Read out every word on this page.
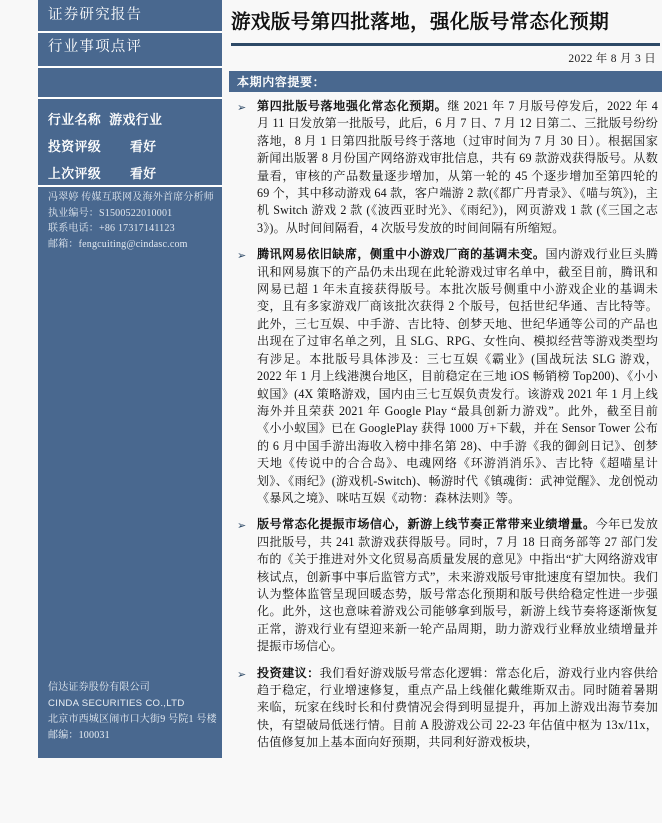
证券研究报告
行业事项点评
行业名称 游戏行业
投资评级	看好
上次评级	看好
冯翠婷 传媒互联网及海外首席分析师
执业编号：S1500522010001
联系电话：+86 17317141123
邮箱：fengcuiting@cindasc.com
信达证券股份有限公司
CINDA SECURITIES CO.,LTD
北京市西城区闹市口大街9 号院1 号楼
邮编：100031
游戏版号第四批落地，强化版号常态化预期
2022 年 8 月 3 日
本期内容提要：
➢ 第四批版号落地强化常态化预期。继 2021 年 7 月版号停发后，2022 年 4 月 11 日发放第一批版号，此后，6 月 7 日、7 月 12 日第二、三批版号纷纷落地，8 月 1 日第四批版号终于落地（过审时间为 7 月 30 日）。根据国家新闻出版署 8 月份国产网络游戏审批信息，共有 69 款游戏获得版号。从数量看，审核的产品数量逐步增加，从第一轮的 45 个逐步增加至第四轮的 69 个，其中移动游戏 64 款，客户端游 2 款(《都广丹青录》、《喵与筑》)，主机 Switch 游戏 2 款 (《波西亚时光》、《雨纪》)，网页游戏 1 款 (《三国之志 3》)。从时间间隔看，4 次版号发放的时间间隔有所缩短。
➢ 腾讯网易依旧缺席，侧重中小游戏厂商的基调未变。国内游戏行业巨头腾讯和网易旗下的产品仍未出现在此轮游戏过审名单中，截至目前，腾讯和网易已超 1 年未直接获得版号。本批次版号侧重中小游戏企业的基调未变，且有多家游戏厂商该批次获得 2 个版号，包括世纪华通、吉比特等。此外，三七互娱、中手游、吉比特、创梦天地、世纪华通等公司的产品也出现在了过审名单之列，且 SLG、RPG、女性向、模拟经营等游戏类型均有涉足。本批版号具体涉及：三七互娱《霸业》(国战玩法 SLG 游戏，2022 年 1 月上线港澳台地区，目前稳定在三地 iOS 畅销榜 Top200)、《小小蚁国》(4X 策略游戏，国内由三七互娱负责发行。该游戏 2021 年 1 月上线海外并且荣获 2021 年 Google Play “最具创新力游戏”。此外，截至目前《小小蚁国》已在 GooglePlay 获得 1000 万+下载，并在 Sensor Tower 公布的 6 月中国手游出海收入榜中排名第 28)、中手游《我的御剑日记》、创梦天地《传说中的合合岛》、电魂网络《环游消消乐》、吉比特《超喵星计划》、《雨纪》(游戏机-Switch)、畅游时代《镇魂街：武神觉醒》、龙创悦动《暴风之境》、咪咕互娱《动物：森林法则》等。
➢ 版号常态化提振市场信心，新游上线节奏正常带来业绩增量。今年已发放四批版号，共 241 款游戏获得版号。同时，7 月 18 日商务部等 27 部门发布的《关于推进对外文化贸易高质量发展的意见》中指出“扩大网络游戏审核试点，创新事中事后监管方式”，未来游戏版号审批速度有望加快。我们认为整体监管呈现回暖态势，版号常态化预期和版号供给稳定性进一步强化。此外，这也意味着游戏公司能够拿到版号，新游上线节奏将逐渐恢复正常，游戏行业有望迎来新一轮产品周期，助力游戏行业释放业绩增量并提振市场信心。
➢ 投资建议：我们看好游戏版号常态化逻辑：常态化后，游戏行业内容供给趋于稳定，行业增速修复，重点产品上线催化戴维斯双击。同时随着暑期来临，玩家在线时长和付费情况会得到明显提升，再加上游戏出海节奏加快，有望破局低迷行情。目前 A 股游戏公司 22-23 年估值中枢为 13x/11x，估值修复加上基本面向好预期，共同利好游戏板块，
